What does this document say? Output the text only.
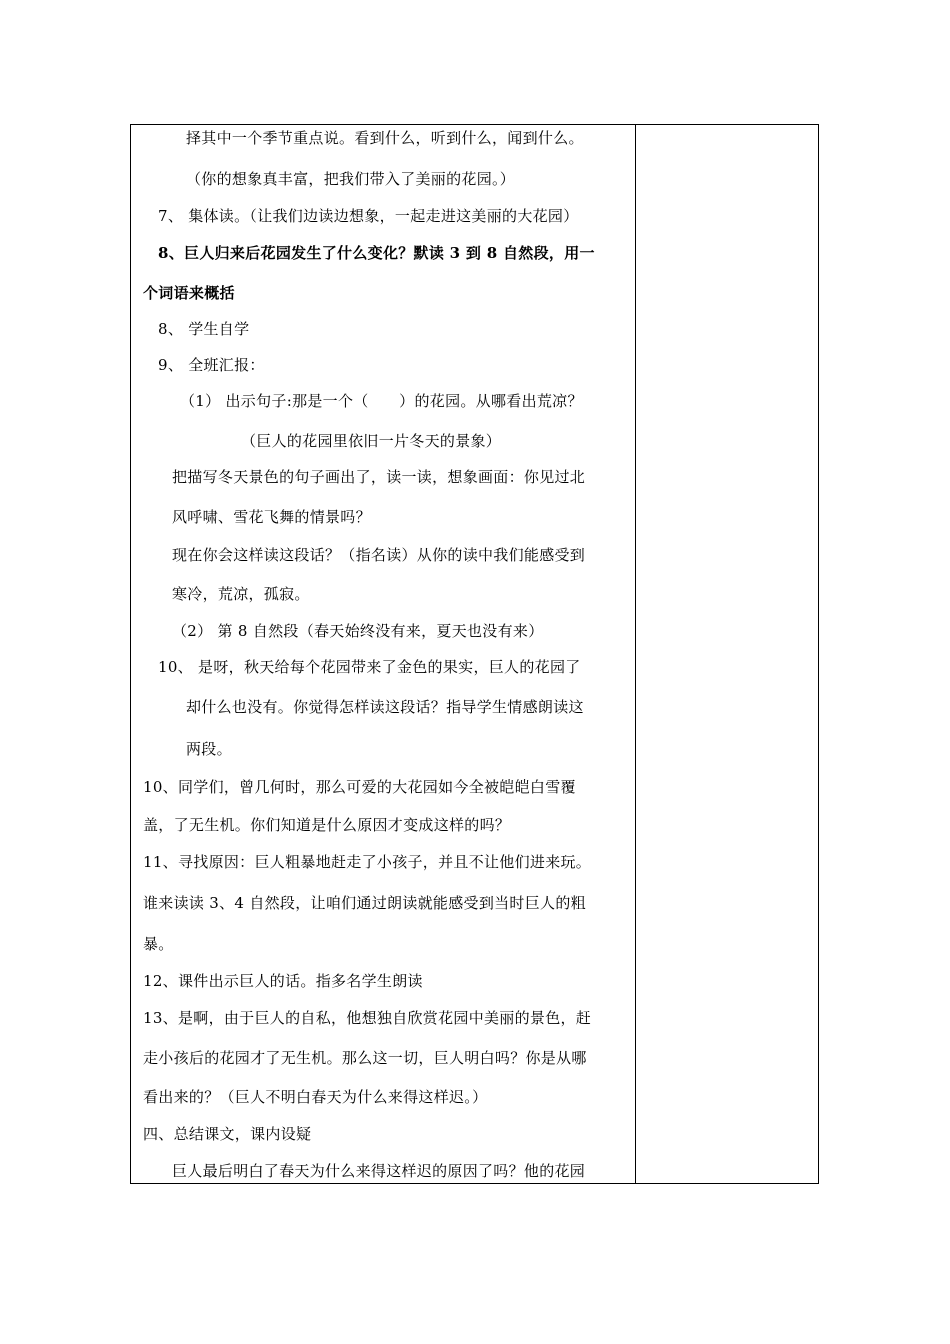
择其中一个季节重点说。看到什么，听到什么，闻到什么。
（你的想象真丰富，把我们带入了美丽的花园。）
7、 集体读。（让我们边读边想象，一起走进这美丽的大花园）
8、巨人归来后花园发生了什么变化？默读 3 到 8 自然段，用一
个词语来概括
8、 学生自学
9、 全班汇报：
（1） 出示句子:那是一个（　　）的花园。从哪看出荒凉？
（巨人的花园里依旧一片冬天的景象）
把描写冬天景色的句子画出了，读一读，想象画面：你见过北
风呼啸、雪花飞舞的情景吗？
现在你会这样读这段话？（指名读）从你的读中我们能感受到
寒冷，荒凉，孤寂。
（2） 第 8 自然段（春天始终没有来，夏天也没有来）
10、 是呀，秋天给每个花园带来了金色的果实，巨人的花园了
却什么也没有。你觉得怎样读这段话？指导学生情感朗读这
两段。
10、同学们，曾几何时，那么可爱的大花园如今全被皑皑白雪覆
盖，了无生机。你们知道是什么原因才变成这样的吗？
11、寻找原因：巨人粗暴地赶走了小孩子，并且不让他们进来玩。
谁来读读 3、4 自然段，让咱们通过朗读就能感受到当时巨人的粗
暴。
12、课件出示巨人的话。指多名学生朗读
13、是啊，由于巨人的自私，他想独自欣赏花园中美丽的景色，赶
走小孩后的花园才了无生机。那么这一切，巨人明白吗？你是从哪
看出来的？（巨人不明白春天为什么来得这样迟。）
四、总结课文，课内设疑
巨人最后明白了春天为什么来得这样迟的原因了吗？他的花园
